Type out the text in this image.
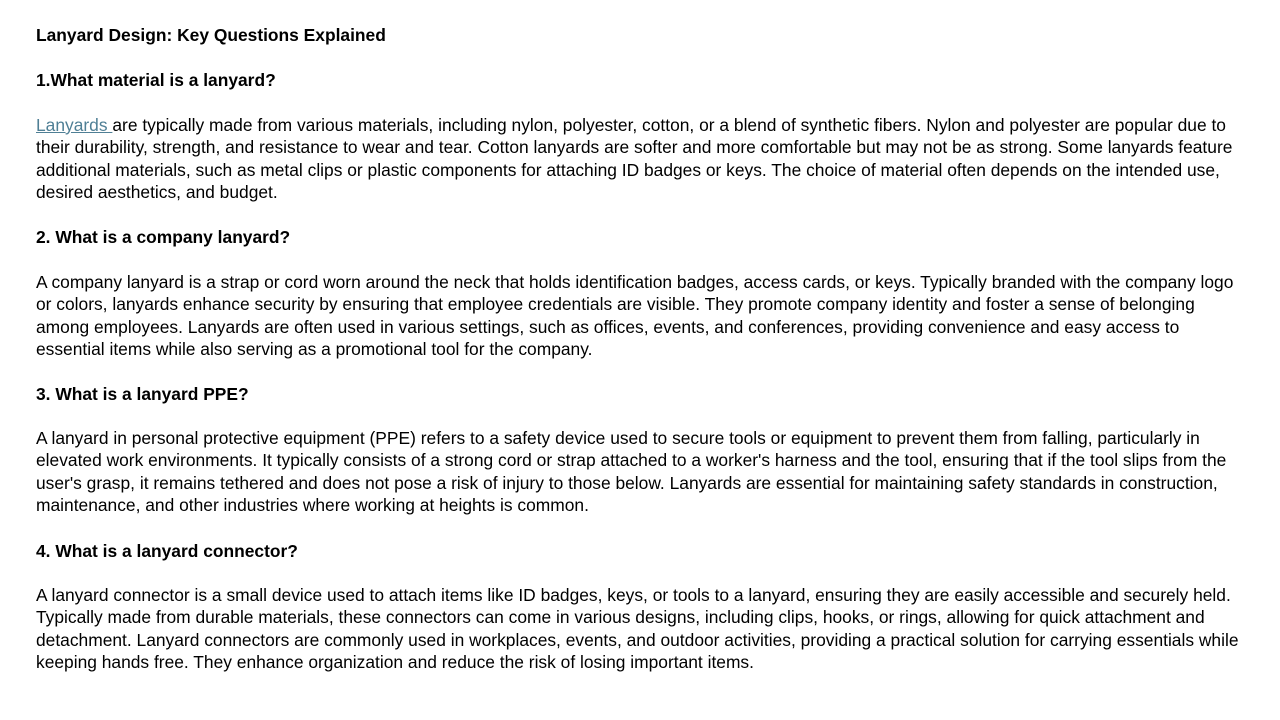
Lanyard Design: Key Questions Explained
1.What material is a lanyard?

Lanyards are typically made from various materials, including nylon, polyester, cotton, or a blend of synthetic fibers. Nylon and polyester are popular due to their durability, strength, and resistance to wear and tear. Cotton lanyards are softer and more comfortable but may not be as strong. Some lanyards feature additional materials, such as metal clips or plastic components for attaching ID badges or keys. The choice of material often depends on the intended use, desired aesthetics, and budget.

2. What is a company lanyard?

A company lanyard is a strap or cord worn around the neck that holds identification badges, access cards, or keys. Typically branded with the company logo or colors, lanyards enhance security by ensuring that employee credentials are visible. They promote company identity and foster a sense of belonging among employees. Lanyards are often used in various settings, such as offices, events, and conferences, providing convenience and easy access to essential items while also serving as a promotional tool for the company.

3. What is a lanyard PPE?

A lanyard in personal protective equipment (PPE) refers to a safety device used to secure tools or equipment to prevent them from falling, particularly in elevated work environments. It typically consists of a strong cord or strap attached to a worker's harness and the tool, ensuring that if the tool slips from the user's grasp, it remains tethered and does not pose a risk of injury to those below. Lanyards are essential for maintaining safety standards in construction, maintenance, and other industries where working at heights is common.

4. What is a lanyard connector?

A lanyard connector is a small device used to attach items like ID badges, keys, or tools to a lanyard, ensuring they are easily accessible and securely held. Typically made from durable materials, these connectors can come in various designs, including clips, hooks, or rings, allowing for quick attachment and detachment. Lanyard connectors are commonly used in workplaces, events, and outdoor activities, providing a practical solution for carrying essentials while keeping hands free. They enhance organization and reduce the risk of losing important items.
